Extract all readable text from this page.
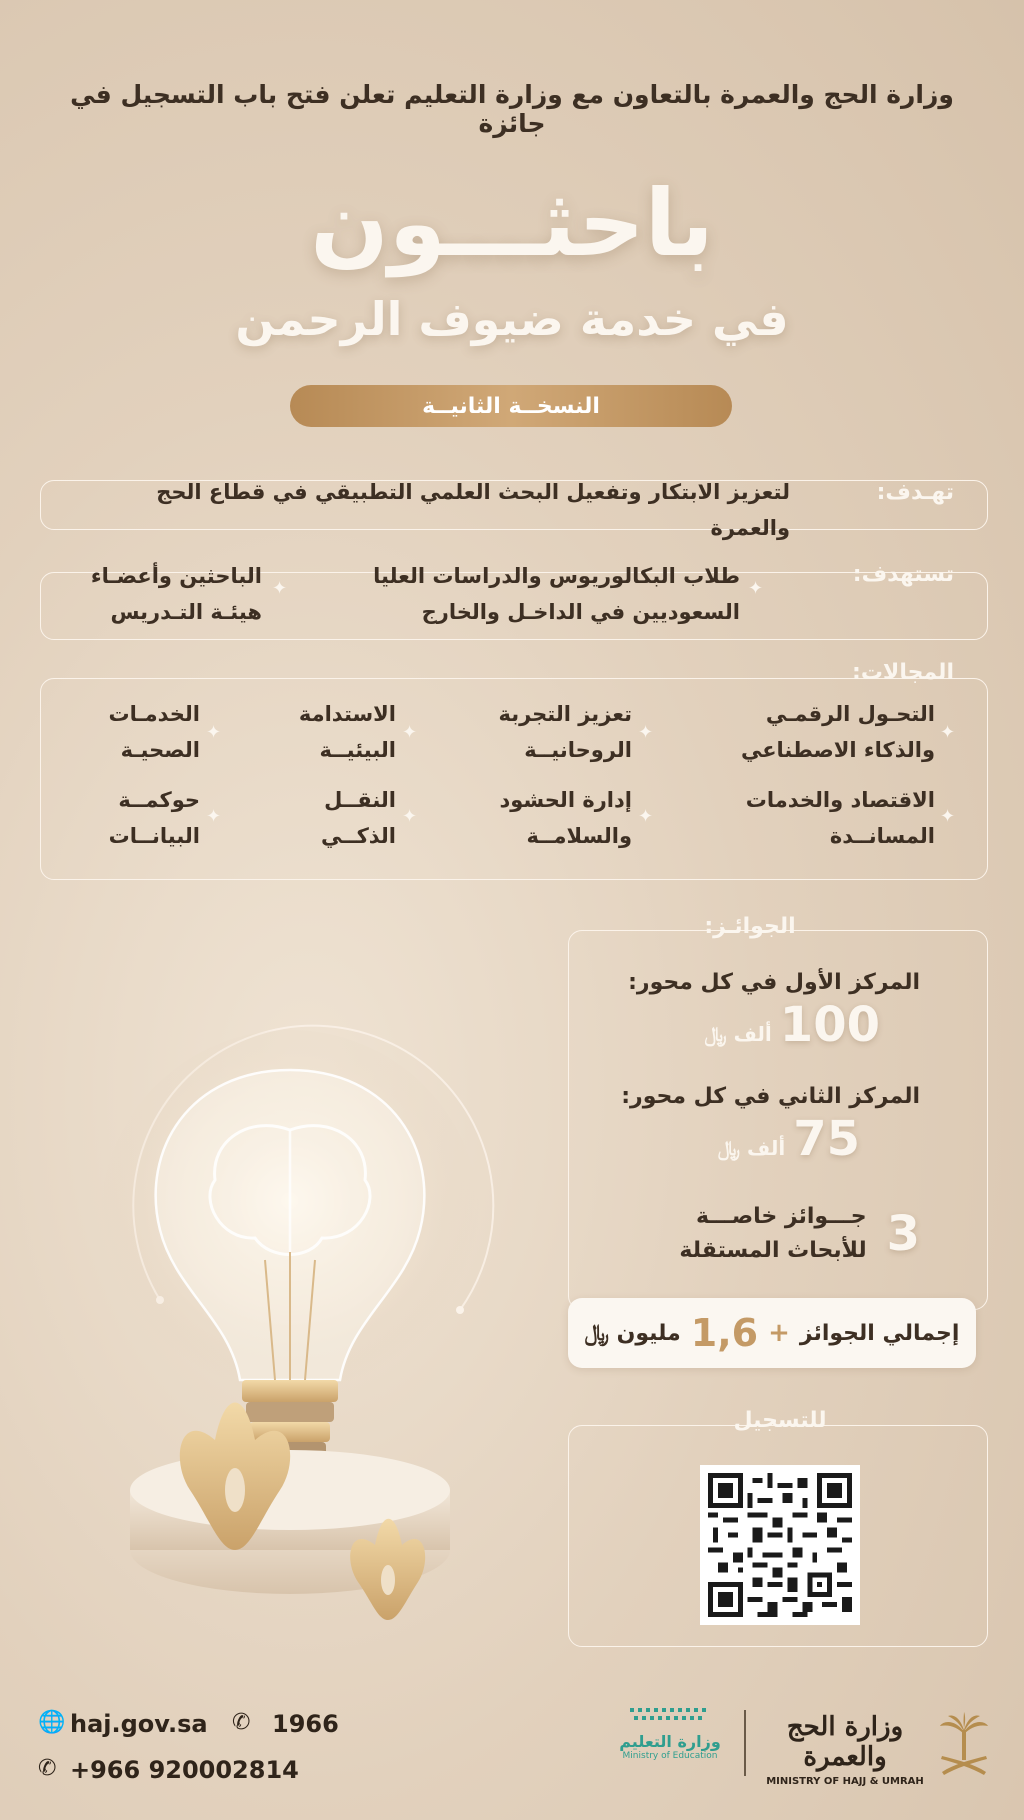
وزارة الحج والعمرة بالتعاون مع وزارة التعليم تعلن فتح باب التسجيل في جائزة
باحثـــون
في خدمة ضيوف الرحمن
النسخــة الثانيــة
تهـدف:
لتعزيز الابتكار وتفعيل البحث العلمي التطبيقي في قطاع الحج والعمرة
تستهدف:
✦
✦
طلاب البكالوريوس والدراسات العليا
السعوديين في الداخـل والخارج
الباحثين وأعضـاء
هيئـة التـدريس
المجالات:
✦
التحـول الرقمـي
والذكاء الاصطناعي
✦
تعزيز التجربة
الروحانيــة
✦
الاستدامة
البيئيــة
✦
الخدمـات
الصحيـة
✦
الاقتصاد والخدمات
المسانــدة
✦
إدارة الحشود
والسلامــة
✦
النقــل
الذكــي
✦
حوكمــة
البيانــات
الجوائـز:
المركز الأول في كل محور:
100
ألف ﷼
المركز الثاني في كل محور:
75
ألف ﷼
3
جـــوائز خاصـــة
للأبحاث المستقلة
إجمالي الجوائز
+
1,6
مليون ﷼
للتسجيل
🌐 haj.gov.sa ✆ 1966
✆ +966 920002814
وزارة التعليم
Ministry of Education
وزارة الحج والعمرة
MINISTRY OF HAJJ & UMRAH
